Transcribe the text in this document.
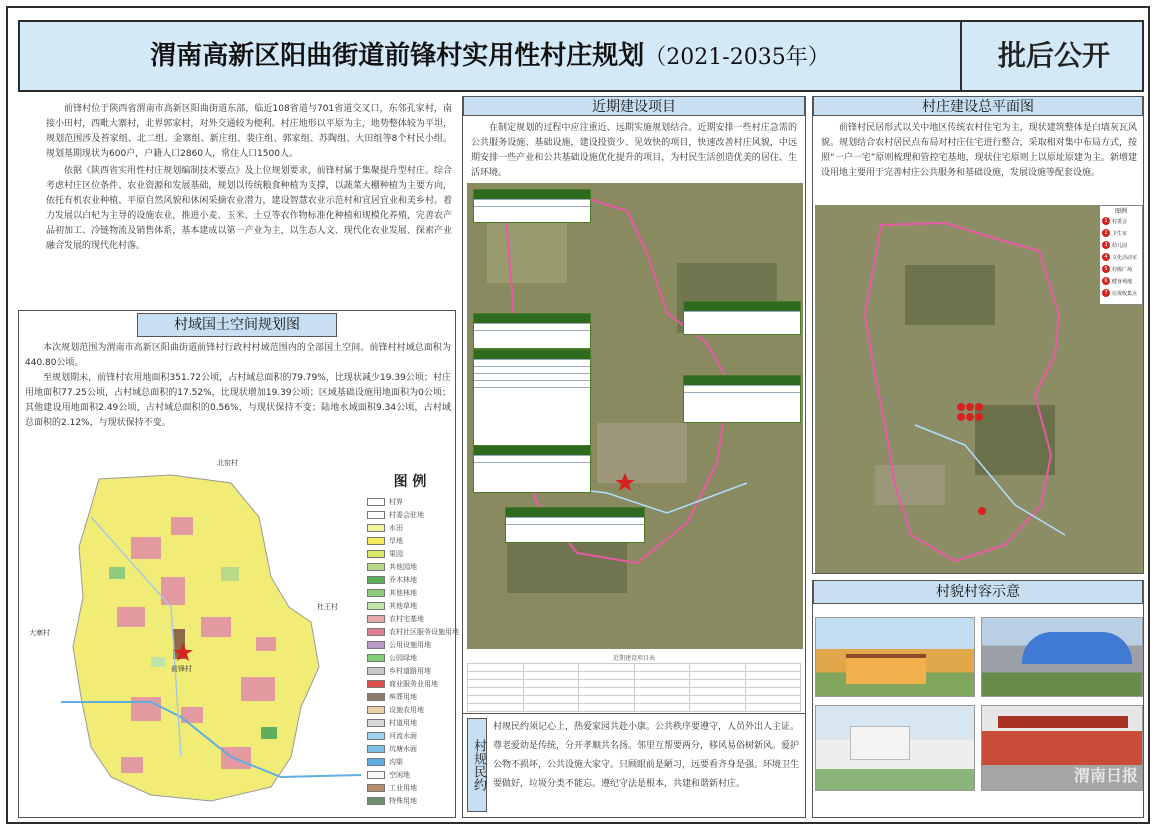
渭南高新区阳曲街道前锋村实用性村庄规划（2021-2035年）	批后公开

前锋村位于陕西省渭南市高新区阳曲街道东部，临近108省道与701省道交叉口，东邻孔家村，南接小田村，西毗大寨村，北界郭家村，对外交通较为便利。村庄地形以平原为主，地势整体较为平坦，规划范围涉及苔家组、北二组、金寨组、新庄组、裴庄组、郭家组、苏陶组、大田组等8个村民小组。规划基期现状为600户，户籍人口2860人，常住人口1500人。

依据《陕西省实用性村庄规划编制技术要点》及上位规划要求，前锋村属于集聚提升型村庄。综合考虑村庄区位条件、农业资源和发展基础，规划以传统粮食种植为支撑，以蔬菜大棚种植为主要方向，依托有机农业种植、平原自然风貌和休闲采摘农业潜力，建设智慧农业示范村和宜居宜业和美乡村。着力发展以白杞为主导的设施农业，推进小麦、玉米、土豆等农作物标准化种植和规模化养殖，完善农产品初加工、冷链物流及销售体系，基本建成以第一产业为主，以生态人文、现代化农业发展、探索产业融合发展的现代化村落。

村域国土空间规划图

本次规划范围为渭南市高新区阳曲街道前锋村行政村村域范围内的全部国土空间。前锋村村域总面积为440.80公顷。

至规划期末，前锋村农用地面积351.72公顷，占村域总面积的79.79%，比现状减少19.39公顷；村庄用地面积77.25公顷，占村域总面积的17.52%，比现状增加19.39公顷；区域基础设施用地面积为0公顷；其他建设用地面积2.49公顷，占村域总面积的0.56%，与现状保持不变；陆地水域面积9.34公顷，占村域总面积的2.12%，与现状保持不变。

前锋村
北窑村
大寨村
杜王村
图 例
村界
村委会驻地
水田
旱地
果园
其他园地
乔木林地
其他林地
其他草地
农村宅基地
农村社区服务设施用地
公用设施用地
公园绿地
乡村道路用地
商业服务业用地
殡葬用地
设施农用地
村道用地
河流水面
坑塘水面
沟渠
空闲地
工业用地
特殊用地
近期建设项目
在制定规划的过程中应注重近、远期实施规划结合。近期安排一些村庄急需的公共服务设施、基础设施，建设投资少、见效快的项目，快速改善村庄风貌，中远期安排一些产业和公共基础设施优化提升的项目，为村民生活创造优美的居住、生活环境。
近期建设项目表

村规民约
村规民约须记心上，热爱家园共赴小康。公共秩序要遵守，人员外出人主证。尊老爱幼是传统，分开孝顺共名扬。邻里互帮要两分，移风易俗树新风。爱护公物不损坏，公共设施大家守。只顾眼前是陋习，远要看齐身是强。环境卫生要做好，垃圾分类不能忘。遵纪守法是根本，共建和谐新村庄。
村庄建设总平面图
前锋村民居形式以关中地区传统农村住宅为主，现状建筑整体是白墙灰瓦风貌。规划结合农村居民点布局对村庄住宅进行整合，采取相对集中布局方式，按照“一户一宅”原则梳理和管控宅基地，现状住宅原则上以原址原建为主。新增建设用地主要用于完善村庄公共服务和基础设施，发展设施等配套设施。
图例
1 村委会
2 卫生室
3 幼儿园
4 文化活动室
5 村级广场
6 健身场地
7 垃圾收集点
村貌村容示意
渭南日报
